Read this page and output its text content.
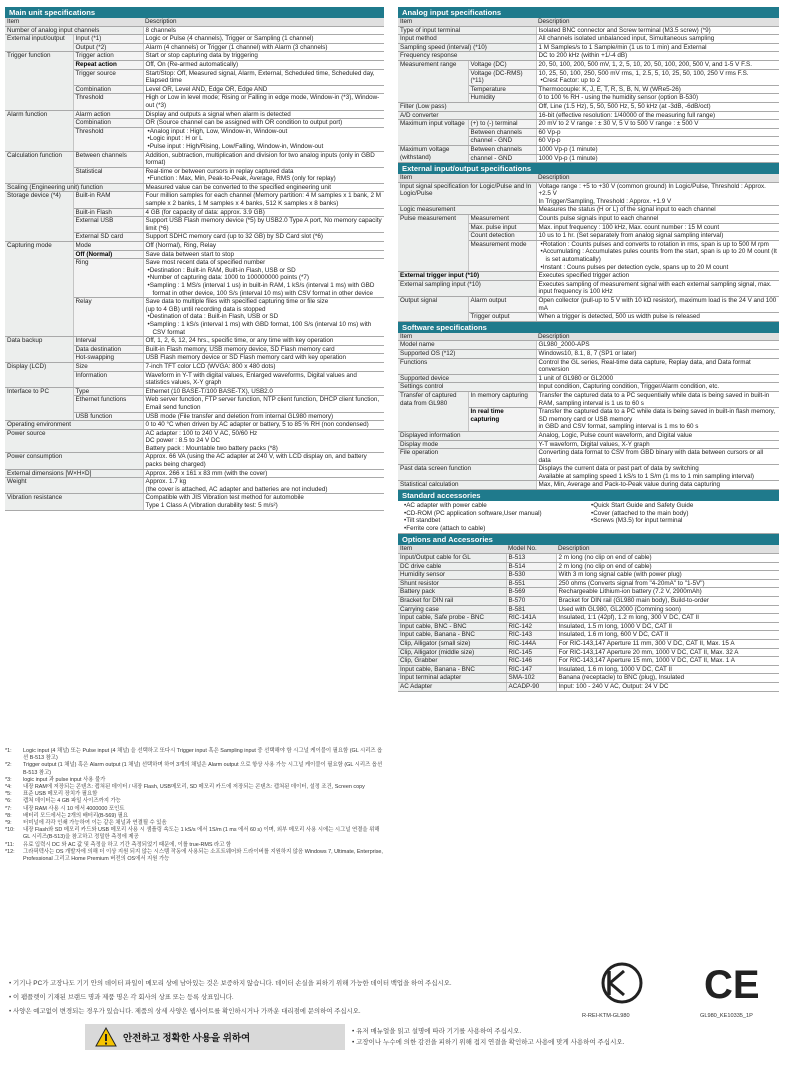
Main unit specifications
Item		Description
Number of analog input channels		8 channels

External input/output	Input (*1)	Logic or Pulse (4 channels), Trigger or Sampling (1 channel)

	Output (*2)	Alarm (4 channels) or Trigger (1 channel) with Alarm (3 channels)

Trigger function	Trigger action	Start or stop capturing data by triggering

	Repeat action	Off, On (Re-armed automatically)

	Trigger source	Start/Stop: Off, Measured signal, Alarm, External, Scheduled time, Scheduled day, Elapsed time

	Combination	Level OR, Level AND, Edge OR, Edge AND

	Threshold	High or Low in level mode; Rising or Falling in edge mode, Window-in (*3), Window-out (*3)

Alarm function	Alarm action	Display and outputs a signal when alarm is detected

	Combination	OR (Source channel can be assigned with OR condition to output port)

	Threshold	• Analog input : High, Low, Window-in, Window-out
• Logic input : H or L
• Pulse input : High/Rising, Low/Falling, Window-in, Window-out

Calculation function	Between channels	Addition, subtraction, multiplication and division for two analog inputs (only in GBD format)

	Statistical	Real-time or between cursors in replay captured data
• Function : Max, Min, Peak-to-Peak, Average, RMS (only for replay)

Scaling (Engineering unit) function		Measured value can be converted to the specified engineering unit

Storage device (*4)	Built-in RAM	Four million samples for each channel (Memory partition: 4 M samples x 1 bank, 2 M sample x 2 banks, 1 M samples x 4 banks, 512 K samples x 8 banks)

	Built-in Flash	4 GB (for capacity of data: approx. 3.9 GB)

	External USB	Support USB Flash memory device (*5) by USB2.0 Type A port, No memory capacity limit (*6)

	External SD card	Support SDHC memory card (up to 32 GB) by SD Card slot (*6)

Capturing mode	Mode	Off (Normal), Ring, Relay

	Off (Normal)	Save data between start to stop

	Ring	Save most recent data of specified number
• Destination : Built-in RAM, Built-in Flash, USB or SD
• Number of capturing data: 1000 to 100000000 points (*7)
• Sampling : 1 MS/s (interval 1 us) in built-in RAM, 1 kS/s (interval 1 ms) with GBD format in other device, 100 S/s (interval 10 ms) with CSV format in other device

	Relay	Save data to multiple files with specified capturing time or file size
(up to 4 GB) until recording data is stopped
• Destination of data : Built-in Flash, USB or SD
• Sampling : 1 kS/s (interval 1 ms) with GBD format, 100 S/s (interval 10 ms) with CSV format

Data backup	Interval	Off, 1, 2, 6, 12, 24 hrs., specific time, or any time with key operation

	Data destination	Built-in Flash memory, USB memory device, SD Flash memory card

	Hot-swapping	USB Flash memory device or SD Flash memory card with key operation

Display (LCD)	Size	7-inch TFT color LCD (WVGA: 800 x 480 dots)

	Information	Waveform in Y-T with digital values, Enlarged waveforms, Digital values and statistics values, X-Y graph

Interface to PC	Type	Ethernet (10 BASE-T/100 BASE-TX), USB2.0

	Ethernet functions	Web server function, FTP server function, NTP client function, DHCP client function, Email send function

	USB function	USB mode (File transfer and deletion from internal GL980 memory)

Operating environment		0 to 40 °C when driven by AC adapter or battery, 5 to 85 % RH (non condensed)

Power source		AC adapter : 100 to 240 V AC, 50/60 Hz
DC power : 8.5 to 24 V DC
Battery pack : Mountable two battery packs (*8)

Power consumption		Approx. 66 VA (using the AC adapter at 240 V, with LCD display on, and battery packs being charged)

External dimensions [W×H×D]		Approx. 266 x 161 x 83 mm (with the cover)

Weight		Approx. 1.7 kg
(the cover is attached, AC adapter and batteries are not included)

Vibration resistance		Compatible with JIS Vibration test method for automobile
Type 1 Class A (Vibration durability test: 5 m/s²)
*1:	Logic input (4 채널) 또는 Pulse input (4 채널) 을 선택하고 또다시 Trigger input 혹은 Sampling input 중 선택해야 함 시그널 케이블이 필요함 (GL 시리즈 옵션 B-513 참고)
*2:	Trigger output (1 채널) 혹은 Alarm output (1 채널) 선택하며 하여 3개의 채널은 Alarm output 으로 항상 사용 가능 시그널 케이블이 필요함 (GL 시리즈 옵션 B-513 참고)
*3:	logic input 과 pulse input 사용 불가
*4:	내장 RAM에 저장되는 콘텐츠: 캡쳐된 데이터 / 내장 Flash, USB메모리, SD 메모리 카드에 저장되는 콘텐츠: 캡쳐된 데이터, 설정 조건, Screen copy
*5:	표준 USB 메모리 장치가 필요함
*6:	캡쳐 데이터는 4 GB 파일 사이즈까지 가능
*7:	내장 RAM 사용 시 10 에서 4000000 포인트
*8:	배터리 모드에서는 2개의 배터리(B-569) 필요
*9:	터미널에 각각 인쇄 가능하여 이는 같은 채널과 연결될 수 있음
*10:	내장 Flash와 SD 메모리 카드와 USB 메모리 사용 시 샘플링 속도는 1 kS/s 에서 1S/m (1 ms 에서 60 s) 이며, 외부 메모리 사용 시에는 시그널 연결을 위해 GL 시리즈(B-513)을 참고하고 정밀한 측정에 제공
*11:	유료 입력시 DC 와 AC 값 및 측정을 하고 기간 측정되었기 때문에, 이를 true-RMS 라고 함
*12:	그라픽텍사는 OS 개발자에 의해 더 이상 지원 되지 않는 시스템 작동에 사용되는 소프트웨어와 드라이버를 지원하지 않음 Windows 7, Ultimate, Enterprise, Professional 그리고 Home Premium 버전의 OS에서 지원 가능
Analog input specifications
Item		Description
Type of input terminal		Isolated BNC connector and Screw terminal (M3.5 screw) (*9)

Input method		All channels isolated unbalanced input, Simultaneous sampling

Sampling speed (interval) (*10)		1 M Samples/s to 1 Sample/min (1 us to 1 min) and External

Frequency response		DC to 200 kHz (within +1/-4 dB)

Measurement range	Voltage (DC)	20, 50, 100, 200, 500 mV, 1, 2, 5, 10, 20, 50, 100, 200, 500 V, and 1-5 V F.S.

	Voltage (DC-RMS) (*11)	10, 25, 50, 100, 250, 500 mV rms, 1, 2.5, 5, 10, 25, 50, 100, 250 V rms F.S.
• Crest Factor: up to 2

	Temperature	Thermocouple: K, J, E, T, R, S, B, N, W (WRe5-26)

	Humidity	0 to 100 % RH - using the humidity sensor (option B-530)

Filter (Low pass)		Off, Line (1.5 Hz), 5, 50, 500 Hz, 5, 50 kHz (at -3dB, -6dB/oct)

A/D converter		16-bit (effective resolution: 1/40000 of the measuring full range)

Maximum input voltage	(+) to (-) terminal	20 mV to 2 V range : ± 30 V, 5 V to 500 V range : ± 500 V

	Between channels	60 Vp-p

	channel - GND	60 Vp-p

Maximum voltage (withstand)	Between channels	1000 Vp-p (1 minute)

	channel - GND	1000 Vp-p (1 minute)
External input/output specifications
Item		Description
Input signal specification for Logic/Pulse and In Logic/Pulse		Voltage range : +5 to +30 V (common ground) In Logic/Pulse, Threshold : Approx. +2.5 V
In Trigger/Sampling, Threshold : Approx. +1.9 V

Logic measurement		Measures the status (H or L) of the signal input to each channel

Pulse measurement	Measurement	Counts pulse signals input to each channel

	Max. pulse input	Max. input frequency : 100 kHz, Max. count number : 15 M count

	Count detection	10 us to 1 hr. (Set separately from analog signal sampling interval)

	Measurement mode	• Rotation : Counts pulses and converts to rotation in rms, span is up to 500 M rpm
• Accumulating : Accumulates pules counts from the start, span is up to 20 M count (It is set automatically)
• Instant : Couns pulses per detection cycle, spans up to 20 M count

External trigger input (*10)		Executes specified trigger action

External sampling input (*10)		Executes sampling of measurement signal with each external sampling signal, max. input frequency is 100 kHz

Output signal	Alarm output	Open collector (pull-up to 5 V with 10 kΩ resistor), maximum load is the 24 V and 100 mA

	Trigger output	When a trigger is detected, 500 us width pulse is released
Software specifications
Item		Description
Model name		GL980_2000-APS

Supported OS (*12)		Windows10, 8.1, 8, 7 (SP1 or later)

Functions		Control the GL series, Real-time data capture, Replay data, and Data format conversion

Supported device		1 unit of GL980 or GL2000

Settings control		Input condition, Capturing condition, Trigger/Alarm condition, etc.

Transfer of captured data from GL980	In memory capturing	Transfer the captured data to a PC sequentially while data is being saved in built-in RAM, sampling interval is 1 us to 60 s

	In real time capturing	Transfer the captured data to a PC while data is being saved in built-in flash memory, SD memory card or USB memory
in GBD and CSV format, sampling interval is 1 ms to 60 s

Displayed information		Analog, Logic, Pulse count waveform, and Digital value

Display mode		Y-T waveform, Digital values, X-Y graph

File operation		Converting data format to CSV from GBD binary with data between cursors or all data

Past data screen function		Displays the current data or past part of data by switching
Available at sampling speed 1 kS/s to 1 S/m (1 ms to 1 min sampling interval)

Statistical calculation		Max, Min, Average and Pack-to-Peak value during data capturing
Standard accessories
• AC adapter with power cable	• Quick Start Guide and Safety Guide
• CD-ROM (PC application software,User manual)	• Cover (attached to the main body)
• Tilt standbet	• Screws (M3.5) for input terminal
• Ferrite core (attach to cable)
Options and Accessories
Item	Model No.	Description
Input/Output cable for GL	B-513	2 m long (no clip on end of cable)
DC drive cable	B-514	2 m long (no clip on end of cable)
Humidity sensor	B-530	With 3 m long signal cable (with power plug)
Shunt resistor	B-551	250 ohms (Converts signal from "4-20mA" to "1-5V")
Battery pack	B-569	Rechargeable Lithium-ion battery (7.2 V, 2900mAh)
Bracket for DIN rail	B-570	Bracket for DIN rail (GL980 main body), Build-to-order
Carrying case	B-581	Used with GL980, GL2000 (Comming soon)
Input cable, Safe probe - BNC	RIC-141A	Insulated, 1:1 (42pf), 1.2 m long, 300 V DC, CAT II
Input cable, BNC - BNC	RIC-142	Insulated, 1.5 m long, 1000 V DC, CAT II
Input cable, Banana - BNC	RIC-143	Insulated, 1.6 m long, 600 V DC, CAT II
Clip, Alligator (small size)	RIC-144A	For RIC-143,147 Aperture 11 mm, 300 V DC, CAT II, Max. 15 A
Clip, Alligator (middle size)	RIC-145	For RIC-143,147 Aperture 20 mm, 1000 V DC, CAT II, Max. 32 A
Clip, Grabber	RIC-146	For RIC-143,147 Aperture 15 mm, 1000 V DC, CAT II, Max. 1 A
Input cable, Banana - BNC	RIC-147	Insulated, 1.6 m long, 1000 V DC, CAT II
Input terminal adapter	SMA-102	Banana (receptacle) to BNC (plug), Insulated
AC Adapter	ACADP-90	Input: 100 - 240 V AC, Output: 24 V DC
• 기기나 PC가 고장나도 기기 안의 데이터 파일이 메모리 상에 남아있는 것은 보증하지 않습니다. 데이터 손실을 피하기 위해 가능한 데이터 백업을 하여 주십시오.
• 이 팸플렛이 기재된 브랜드 명과 제품 명은 각 회사의 상표 또는 등록 상표입니다.
• 사양은 예고없이 변경되는 경우가 있습니다. 제품의 상세 사양은 웹사이트를 확인하시거나 가까운 대리점에 문의하여 주십시오.
KC CE
R-REI-KTM-GL980	GL980_KE10335_1P
안전하고 정확한 사용을 위하여
• 유저 매뉴얼을 읽고 설명에 따라 기기를 사용하여 주십시오.
• 고장이나 누수에 의한 감전을 피하기 위해 접지 연결을 확인하고 사용에 맞게 사용하여 주십시오.
